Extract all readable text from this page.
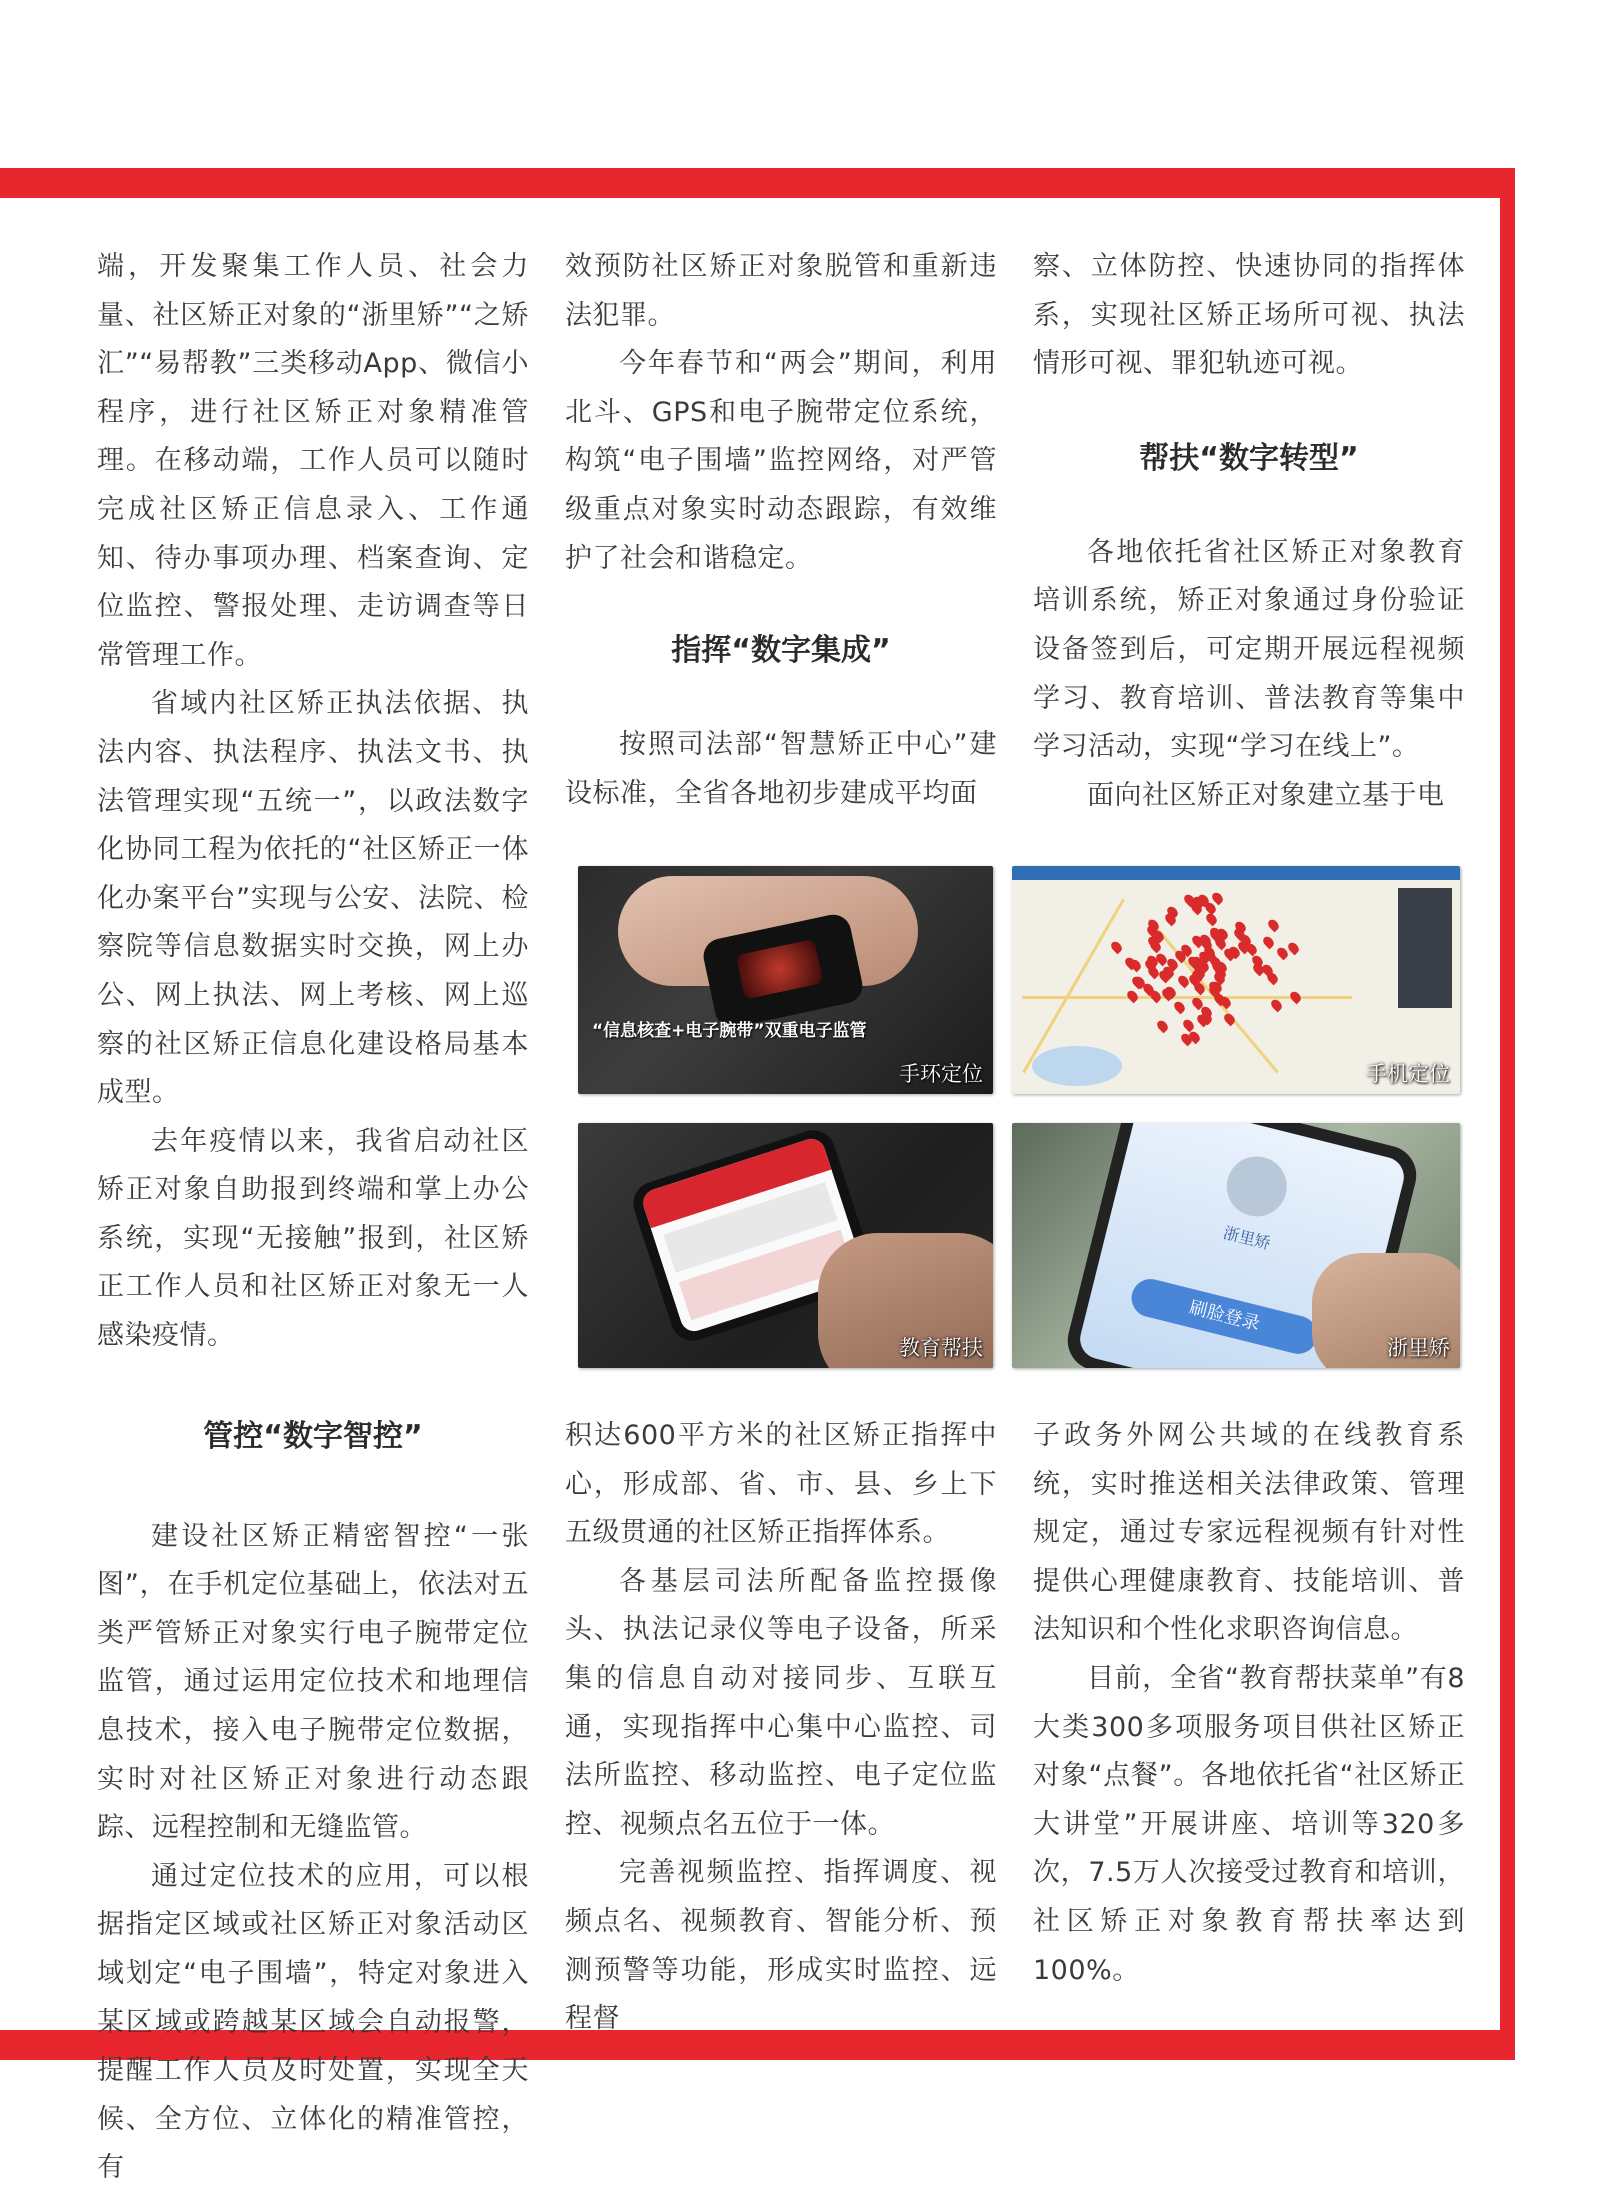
端，开发聚集工作人员、社会力量、社区矫正对象的“浙里矫”“之矫汇”“易帮教”三类移动App、微信小程序，进行社区矫正对象精准管理。在移动端，工作人员可以随时完成社区矫正信息录入、工作通知、待办事项办理、档案查询、定位监控、警报处理、走访调查等日常管理工作。

省域内社区矫正执法依据、执法内容、执法程序、执法文书、执法管理实现“五统一”，以政法数字化协同工程为依托的“社区矫正一体化办案平台”实现与公安、法院、检察院等信息数据实时交换，网上办公、网上执法、网上考核、网上巡察的社区矫正信息化建设格局基本成型。

去年疫情以来，我省启动社区矫正对象自助报到终端和掌上办公系统，实现“无接触”报到，社区矫正工作人员和社区矫正对象无一人感染疫情。

管控“数字智控”

建设社区矫正精密智控“一张图”，在手机定位基础上，依法对五类严管矫正对象实行电子腕带定位监管，通过运用定位技术和地理信息技术，接入电子腕带定位数据，实时对社区矫正对象进行动态跟踪、远程控制和无缝监管。

通过定位技术的应用，可以根据指定区域或社区矫正对象活动区域划定“电子围墙”，特定对象进入某区域或跨越某区域会自动报警，提醒工作人员及时处置，实现全天候、全方位、立体化的精准管控，有

效预防社区矫正对象脱管和重新违法犯罪。

今年春节和“两会”期间，利用北斗、GPS和电子腕带定位系统，构筑“电子围墙”监控网络，对严管级重点对象实时动态跟踪，有效维护了社会和谐稳定。

指挥“数字集成”

按照司法部“智慧矫正中心”建设标准，全省各地初步建成平均面

察、立体防控、快速协同的指挥体系，实现社区矫正场所可视、执法情形可视、罪犯轨迹可视。

帮扶“数字转型”

各地依托省社区矫正对象教育培训系统，矫正对象通过身份验证设备签到后，可定期开展远程视频学习、教育培训、普法教育等集中学习活动，实现“学习在线上”。

面向社区矫正对象建立基于电

“信息核查+电子腕带”双重电子监管
手环定位	手机定位
教育帮扶
浙里矫
刷脸登录
浙里矫

积达600平方米的社区矫正指挥中心，形成部、省、市、县、乡上下五级贯通的社区矫正指挥体系。

各基层司法所配备监控摄像头、执法记录仪等电子设备，所采集的信息自动对接同步、互联互通，实现指挥中心集中心监控、司法所监控、移动监控、电子定位监控、视频点名五位于一体。

完善视频监控、指挥调度、视频点名、视频教育、智能分析、预测预警等功能，形成实时监控、远程督

子政务外网公共域的在线教育系统，实时推送相关法律政策、管理规定，通过专家远程视频有针对性提供心理健康教育、技能培训、普法知识和个性化求职咨询信息。

目前，全省“教育帮扶菜单”有8大类300多项服务项目供社区矫正对象“点餐”。各地依托省“社区矫正大讲堂”开展讲座、培训等320多次，7.5万人次接受过教育和培训，社区矫正对象教育帮扶率达到100%。
